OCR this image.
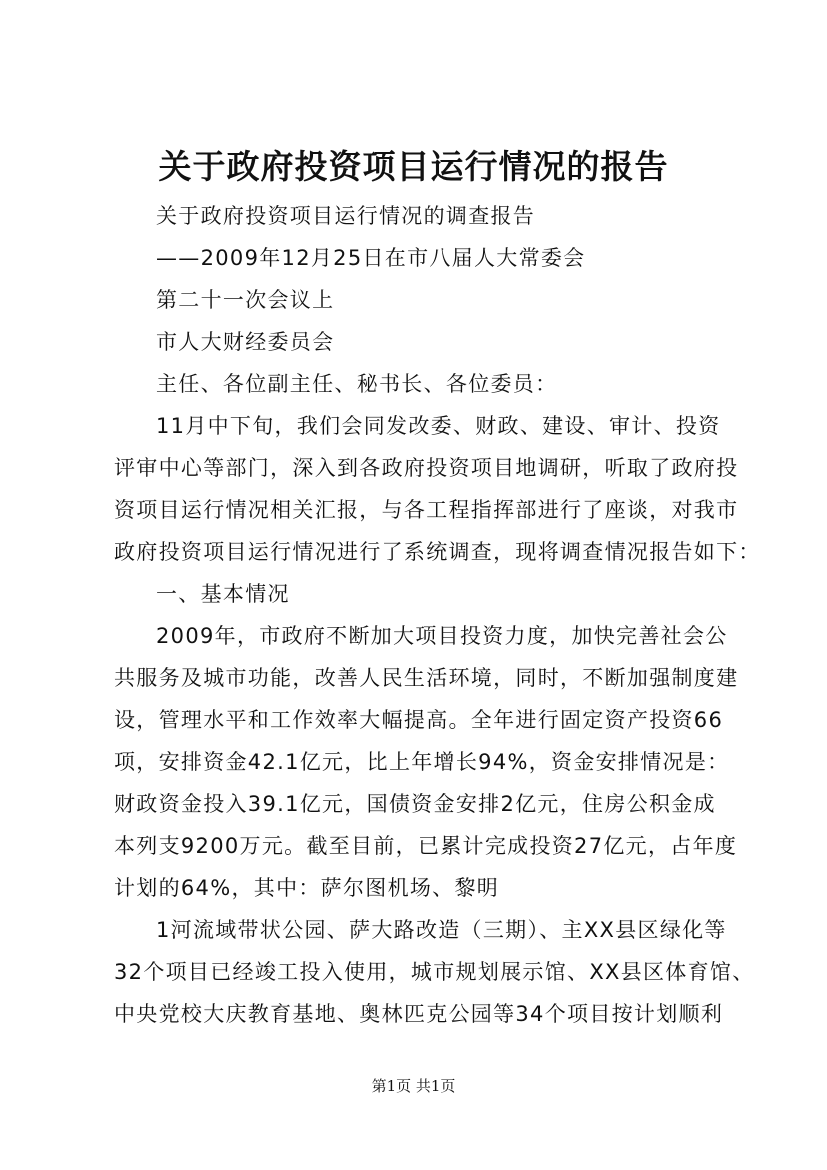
关于政府投资项目运行情况的报告

关于政府投资项目运行情况的调查报告

——2009年12月25日在市八届人大常委会

第二十一次会议上

市人大财经委员会

主任、各位副主任、秘书长、各位委员：

11月中下旬，我们会同发改委、财政、建设、审计、投资

评审中心等部门，深入到各政府投资项目地调研，听取了政府投

资项目运行情况相关汇报，与各工程指挥部进行了座谈，对我市

政府投资项目运行情况进行了系统调查，现将调查情况报告如下：

一、基本情况

2009年，市政府不断加大项目投资力度，加快完善社会公

共服务及城市功能，改善人民生活环境，同时，不断加强制度建

设，管理水平和工作效率大幅提高。全年进行固定资产投资66

项，安排资金42.1亿元，比上年增长94%，资金安排情况是：

财政资金投入39.1亿元，国债资金安排2亿元，住房公积金成

本列支9200万元。截至目前，已累计完成投资27亿元，占年度

计划的64%，其中：萨尔图机场、黎明

1河流域带状公园、萨大路改造（三期）、主XX县区绿化等

32个项目已经竣工投入使用，城市规划展示馆、XX县区体育馆、

中央党校大庆教育基地、奥林匹克公园等34个项目按计划顺利

第1页 共1页
